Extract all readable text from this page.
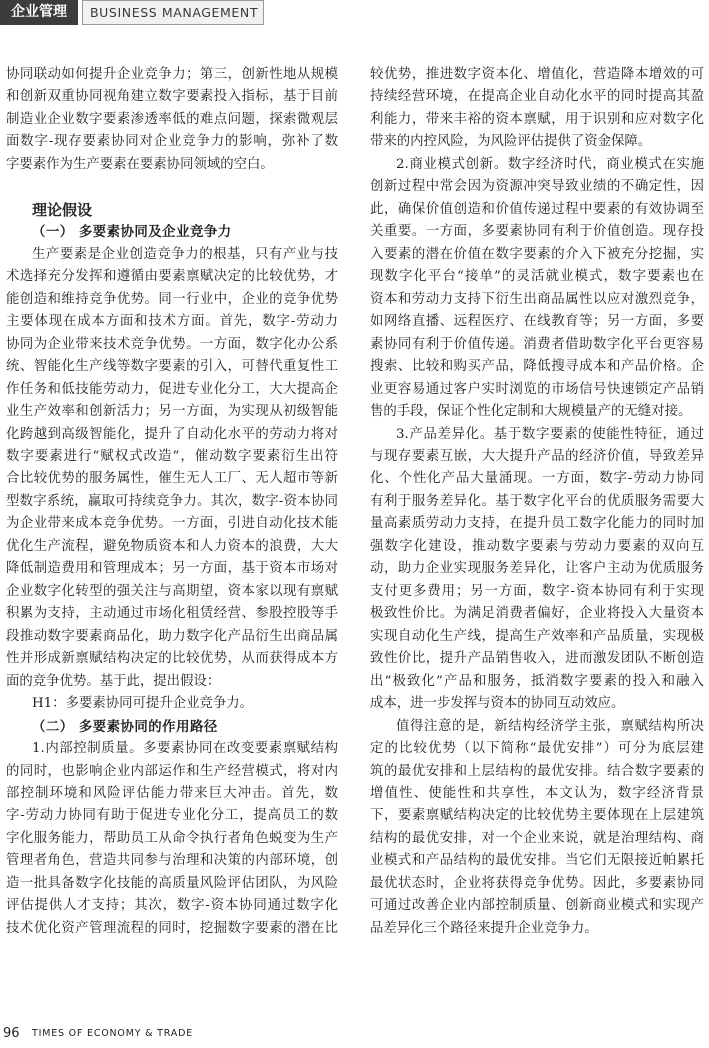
企业管理	BUSINESS MANAGEMENT
协同联动如何提升企业竞争力；第三，创新性地从规模
和创新双重协同视角建立数字要素投入指标，基于目前
制造业企业数字要素渗透率低的难点问题，探索微观层
面数字-现存要素协同对企业竞争力的影响，弥补了数
字要素作为生产要素在要素协同领域的空白。
理论假设
（一） 多要素协同及企业竞争力
生产要素是企业创造竞争力的根基，只有产业与技
术选择充分发挥和遵循由要素禀赋决定的比较优势，才
能创造和维持竞争优势。同一行业中，企业的竞争优势
主要体现在成本方面和技术方面。首先，数字-劳动力
协同为企业带来技术竞争优势。一方面，数字化办公系
统、智能化生产线等数字要素的引入，可替代重复性工
作任务和低技能劳动力，促进专业化分工，大大提高企
业生产效率和创新活力；另一方面，为实现从初级智能
化跨越到高级智能化，提升了自动化水平的劳动力将对
数字要素进行“赋权式改造”，催动数字要素衍生出符
合比较优势的服务属性，催生无人工厂、无人超市等新
型数字系统，赢取可持续竞争力。其次，数字-资本协同
为企业带来成本竞争优势。一方面，引进自动化技术能
优化生产流程，避免物质资本和人力资本的浪费，大大
降低制造费用和管理成本；另一方面，基于资本市场对
企业数字化转型的强关注与高期望，资本家以现有禀赋
积累为支持，主动通过市场化租赁经营、参股控股等手
段推动数字要素商品化，助力数字化产品衍生出商品属
性并形成新禀赋结构决定的比较优势，从而获得成本方
面的竞争优势。基于此，提出假设：
H1：多要素协同可提升企业竞争力。
（二） 多要素协同的作用路径
1.内部控制质量。多要素协同在改变要素禀赋结构
的同时，也影响企业内部运作和生产经营模式，将对内
部控制环境和风险评估能力带来巨大冲击。首先，数
字-劳动力协同有助于促进专业化分工，提高员工的数
字化服务能力，帮助员工从命令执行者角色蜕变为生产
管理者角色，营造共同参与治理和决策的内部环境，创
造一批具备数字化技能的高质量风险评估团队，为风险
评估提供人才支持；其次，数字-资本协同通过数字化
技术优化资产管理流程的同时，挖掘数字要素的潜在比
较优势，推进数字资本化、增值化，营造降本增效的可
持续经营环境，在提高企业自动化水平的同时提高其盈
利能力，带来丰裕的资本禀赋，用于识别和应对数字化
带来的内控风险，为风险评估提供了资金保障。
2.商业模式创新。数字经济时代，商业模式在实施
创新过程中常会因为资源冲突导致业绩的不确定性，因
此，确保价值创造和价值传递过程中要素的有效协调至
关重要。一方面，多要素协同有利于价值创造。现存投
入要素的潜在价值在数字要素的介入下被充分挖掘，实
现数字化平台“接单”的灵活就业模式，数字要素也在
资本和劳动力支持下衍生出商品属性以应对激烈竞争，
如网络直播、远程医疗、在线教育等；另一方面，多要
素协同有利于价值传递。消费者借助数字化平台更容易
搜索、比较和购买产品，降低搜寻成本和产品价格。企
业更容易通过客户实时浏览的市场信号快速锁定产品销
售的手段，保证个性化定制和大规模量产的无缝对接。
3.产品差异化。基于数字要素的使能性特征，通过
与现存要素互嵌，大大提升产品的经济价值，导致差异
化、个性化产品大量涌现。一方面，数字-劳动力协同
有利于服务差异化。基于数字化平台的优质服务需要大
量高素质劳动力支持，在提升员工数字化能力的同时加
强数字化建设，推动数字要素与劳动力要素的双向互
动，助力企业实现服务差异化，让客户主动为优质服务
支付更多费用；另一方面，数字-资本协同有利于实现
极致性价比。为满足消费者偏好，企业将投入大量资本
实现自动化生产线，提高生产效率和产品质量，实现极
致性价比，提升产品销售收入，进而激发团队不断创造
出“极致化”产品和服务，抵消数字要素的投入和融入
成本，进一步发挥与资本的协同互动效应。
值得注意的是，新结构经济学主张，禀赋结构所决
定的比较优势（以下简称“最优安排”）可分为底层建
筑的最优安排和上层结构的最优安排。结合数字要素的
增值性、使能性和共享性，本文认为，数字经济背景
下，要素禀赋结构决定的比较优势主要体现在上层建筑
结构的最优安排，对一个企业来说，就是治理结构、商
业模式和产品结构的最优安排。当它们无限接近帕累托
最优状态时，企业将获得竞争优势。因此，多要素协同
可通过改善企业内部控制质量、创新商业模式和实现产
品差异化三个路径来提升企业竞争力。
96 TIMES OF ECONOMY & TRADE
